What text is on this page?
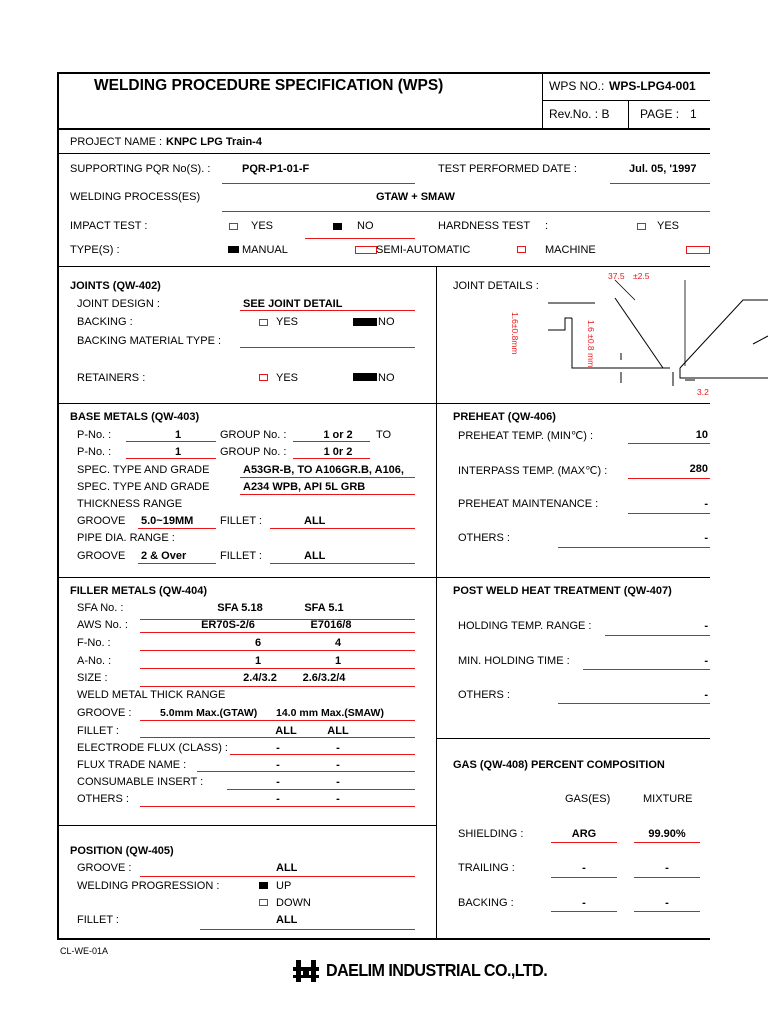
WELDING PROCEDURE SPECIFICATION (WPS)	WPS NO.: WPS-LPG4-001
Rev.No. : B	PAGE : 1
PROJECT NAME : KNPC LPG Train-4
SUPPORTING PQR No(S). :	PQR-P1-01-F	TEST PERFORMED DATE :	Jul. 05, '1997
WELDING PROCESS(ES)	GTAW + SMAW
IMPACT TEST :	YES	NO	HARDNESS TEST :	YES
TYPE(S) :	MANUAL	SEMI-AUTOMATIC	MACHINE
JOINTS (QW-402)
JOINT DESIGN :	SEE JOINT DETAIL
BACKING :	YES	NO
BACKING MATERIAL TYPE :
RETAINERS :	YES	NO
JOINT DETAILS :
37.5 ±2.5
1.6±0.8mm	1.6 ±0.8 mm
3.2
BASE METALS (QW-403)
P-No. :	1	GROUP No. :	1 or 2	TO
P-No. :	1	GROUP No. :	1 0r 2
SPEC. TYPE AND GRADE	A53GR-B, TO A106GR.B, A106,
SPEC. TYPE AND GRADE	A234 WPB, API 5L GRB
THICKNESS RANGE
GROOVE 5.0~19MM FILLET :	ALL
PIPE DIA. RANGE :
GROOVE 2 & Over	FILLET :	ALL
PREHEAT (QW-406)
PREHEAT TEMP. (MIN℃) :	10
INTERPASS TEMP. (MAX℃) :	280
PREHEAT MAINTENANCE :	-
OTHERS :	-
FILLER METALS (QW-404)
SFA No. :	SFA 5.18	SFA 5.1
AWS No. :	ER70S-2/6	E7016/8
F-No. :	6	4
A-No. :	1	1
SIZE :	2.4/3.2	2.6/3.2/4
WELD METAL THICK RANGE
GROOVE :	5.0mm Max.(GTAW) 14.0 mm Max.(SMAW)
FILLET :	ALL	ALL
ELECTRODE FLUX (CLASS) :	-	-
FLUX TRADE NAME :	-	-
CONSUMABLE INSERT :	-	-
OTHERS :	-	-
POST WELD HEAT TREATMENT (QW-407)
HOLDING TEMP. RANGE :	-
MIN. HOLDING TIME :	-
OTHERS :	-
GAS (QW-408) PERCENT COMPOSITION
GAS(ES)	MIXTURE
SHIELDING :	ARG	99.90%
TRAILING :	-	-
BACKING :	-	-
POSITION (QW-405)
GROOVE :	ALL
WELDING PROGRESSION :	UP
DOWN
FILLET :	ALL
CL-WE-01A
DAELIM INDUSTRIAL CO.,LTD.
